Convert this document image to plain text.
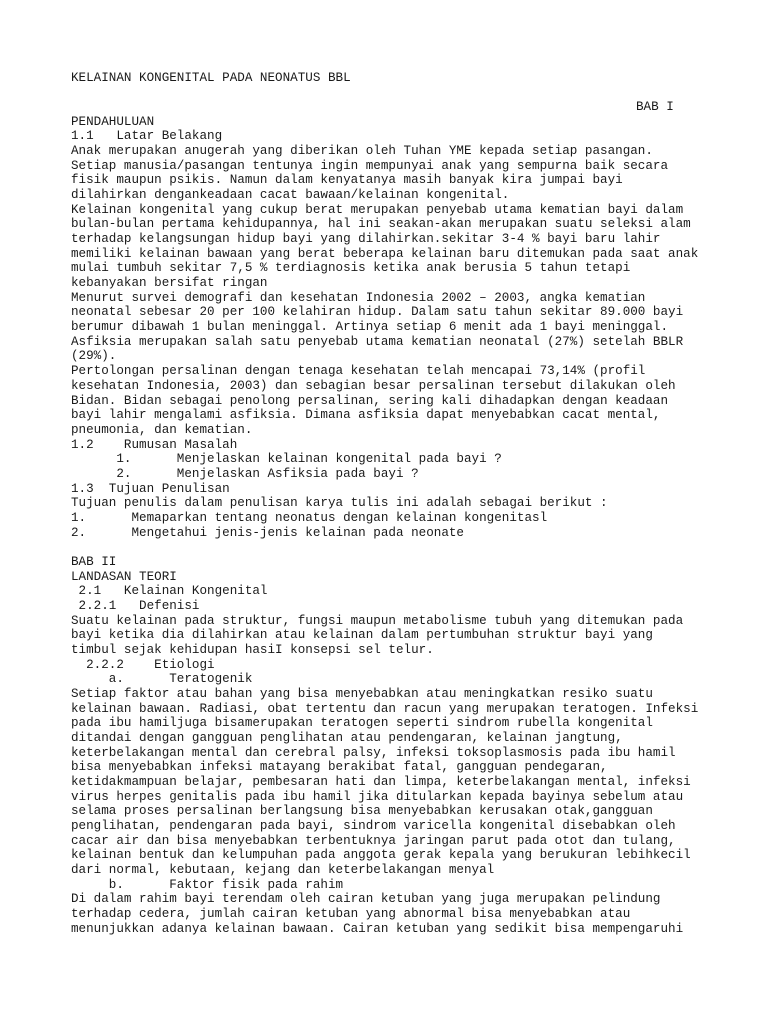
KELAINAN KONGENITAL PADA NEONATUS BBL
BAB I
PENDAHULUAN
1.1   Latar Belakang
Anak merupakan anugerah yang diberikan oleh Tuhan YME kepada setiap pasangan.
Setiap manusia/pasangan tentunya ingin mempunyai anak yang sempurna baik secara
fisik maupun psikis. Namun dalam kenyatanya masih banyak kira jumpai bayi
dilahirkan dengankeadaan cacat bawaan/kelainan kongenital.
Kelainan kongenital yang cukup berat merupakan penyebab utama kematian bayi dalam
bulan-bulan pertama kehidupannya, hal ini seakan-akan merupakan suatu seleksi alam
terhadap kelangsungan hidup bayi yang dilahirkan.sekitar 3-4 % bayi baru lahir
memiliki kelainan bawaan yang berat beberapa kelainan baru ditemukan pada saat anak
mulai tumbuh sekitar 7,5 % terdiagnosis ketika anak berusia 5 tahun tetapi
kebanyakan bersifat ringan
Menurut survei demografi dan kesehatan Indonesia 2002 – 2003, angka kematian
neonatal sebesar 20 per 100 kelahiran hidup. Dalam satu tahun sekitar 89.000 bayi
berumur dibawah 1 bulan meninggal. Artinya setiap 6 menit ada 1 bayi meninggal.
Asfiksia merupakan salah satu penyebab utama kematian neonatal (27%) setelah BBLR
(29%).
Pertolongan persalinan dengan tenaga kesehatan telah mencapai 73,14% (profil
kesehatan Indonesia, 2003) dan sebagian besar persalinan tersebut dilakukan oleh
Bidan. Bidan sebagai penolong persalinan, sering kali dihadapkan dengan keadaan
bayi lahir mengalami asfiksia. Dimana asfiksia dapat menyebabkan cacat mental,
pneumonia, dan kematian.
1.2    Rumusan Masalah
1.      Menjelaskan kelainan kongenital pada bayi ?
2.      Menjelaskan Asfiksia pada bayi ?
1.3  Tujuan Penulisan
Tujuan penulis dalam penulisan karya tulis ini adalah sebagai berikut :
1.      Memaparkan tentang neonatus dengan kelainan kongenitasl
2.      Mengetahui jenis-jenis kelainan pada neonate
BAB II
LANDASAN TEORI
2.1   Kelainan Kongenital
2.2.1   Defenisi
Suatu kelainan pada struktur, fungsi maupun metabolisme tubuh yang ditemukan pada
bayi ketika dia dilahirkan atau kelainan dalam pertumbuhan struktur bayi yang
timbul sejak kehidupan hasiI konsepsi sel telur.
2.2.2    Etiologi
a.      Teratogenik
Setiap faktor atau bahan yang bisa menyebabkan atau meningkatkan resiko suatu
kelainan bawaan. Radiasi, obat tertentu dan racun yang merupakan teratogen. Infeksi
pada ibu hamiljuga bisamerupakan teratogen seperti sindrom rubella kongenital
ditandai dengan gangguan penglihatan atau pendengaran, kelainan jangtung,
keterbelakangan mental dan cerebral palsy, infeksi toksoplasmosis pada ibu hamil
bisa menyebabkan infeksi matayang berakibat fatal, gangguan pendegaran,
ketidakmampuan belajar, pembesaran hati dan limpa, keterbelakangan mental, infeksi
virus herpes genitalis pada ibu hamil jika ditularkan kepada bayinya sebelum atau
selama proses persalinan berlangsung bisa menyebabkan kerusakan otak,gangguan
penglihatan, pendengaran pada bayi, sindrom varicella kongenital disebabkan oleh
cacar air dan bisa menyebabkan terbentuknya jaringan parut pada otot dan tulang,
kelainan bentuk dan kelumpuhan pada anggota gerak kepala yang berukuran lebihkecil
dari normal, kebutaan, kejang dan keterbelakangan menyal
b.      Faktor fisik pada rahim
Di dalam rahim bayi terendam oleh cairan ketuban yang juga merupakan pelindung
terhadap cedera, jumlah cairan ketuban yang abnormal bisa menyebabkan atau
menunjukkan adanya kelainan bawaan. Cairan ketuban yang sedikit bisa mempengaruhi
